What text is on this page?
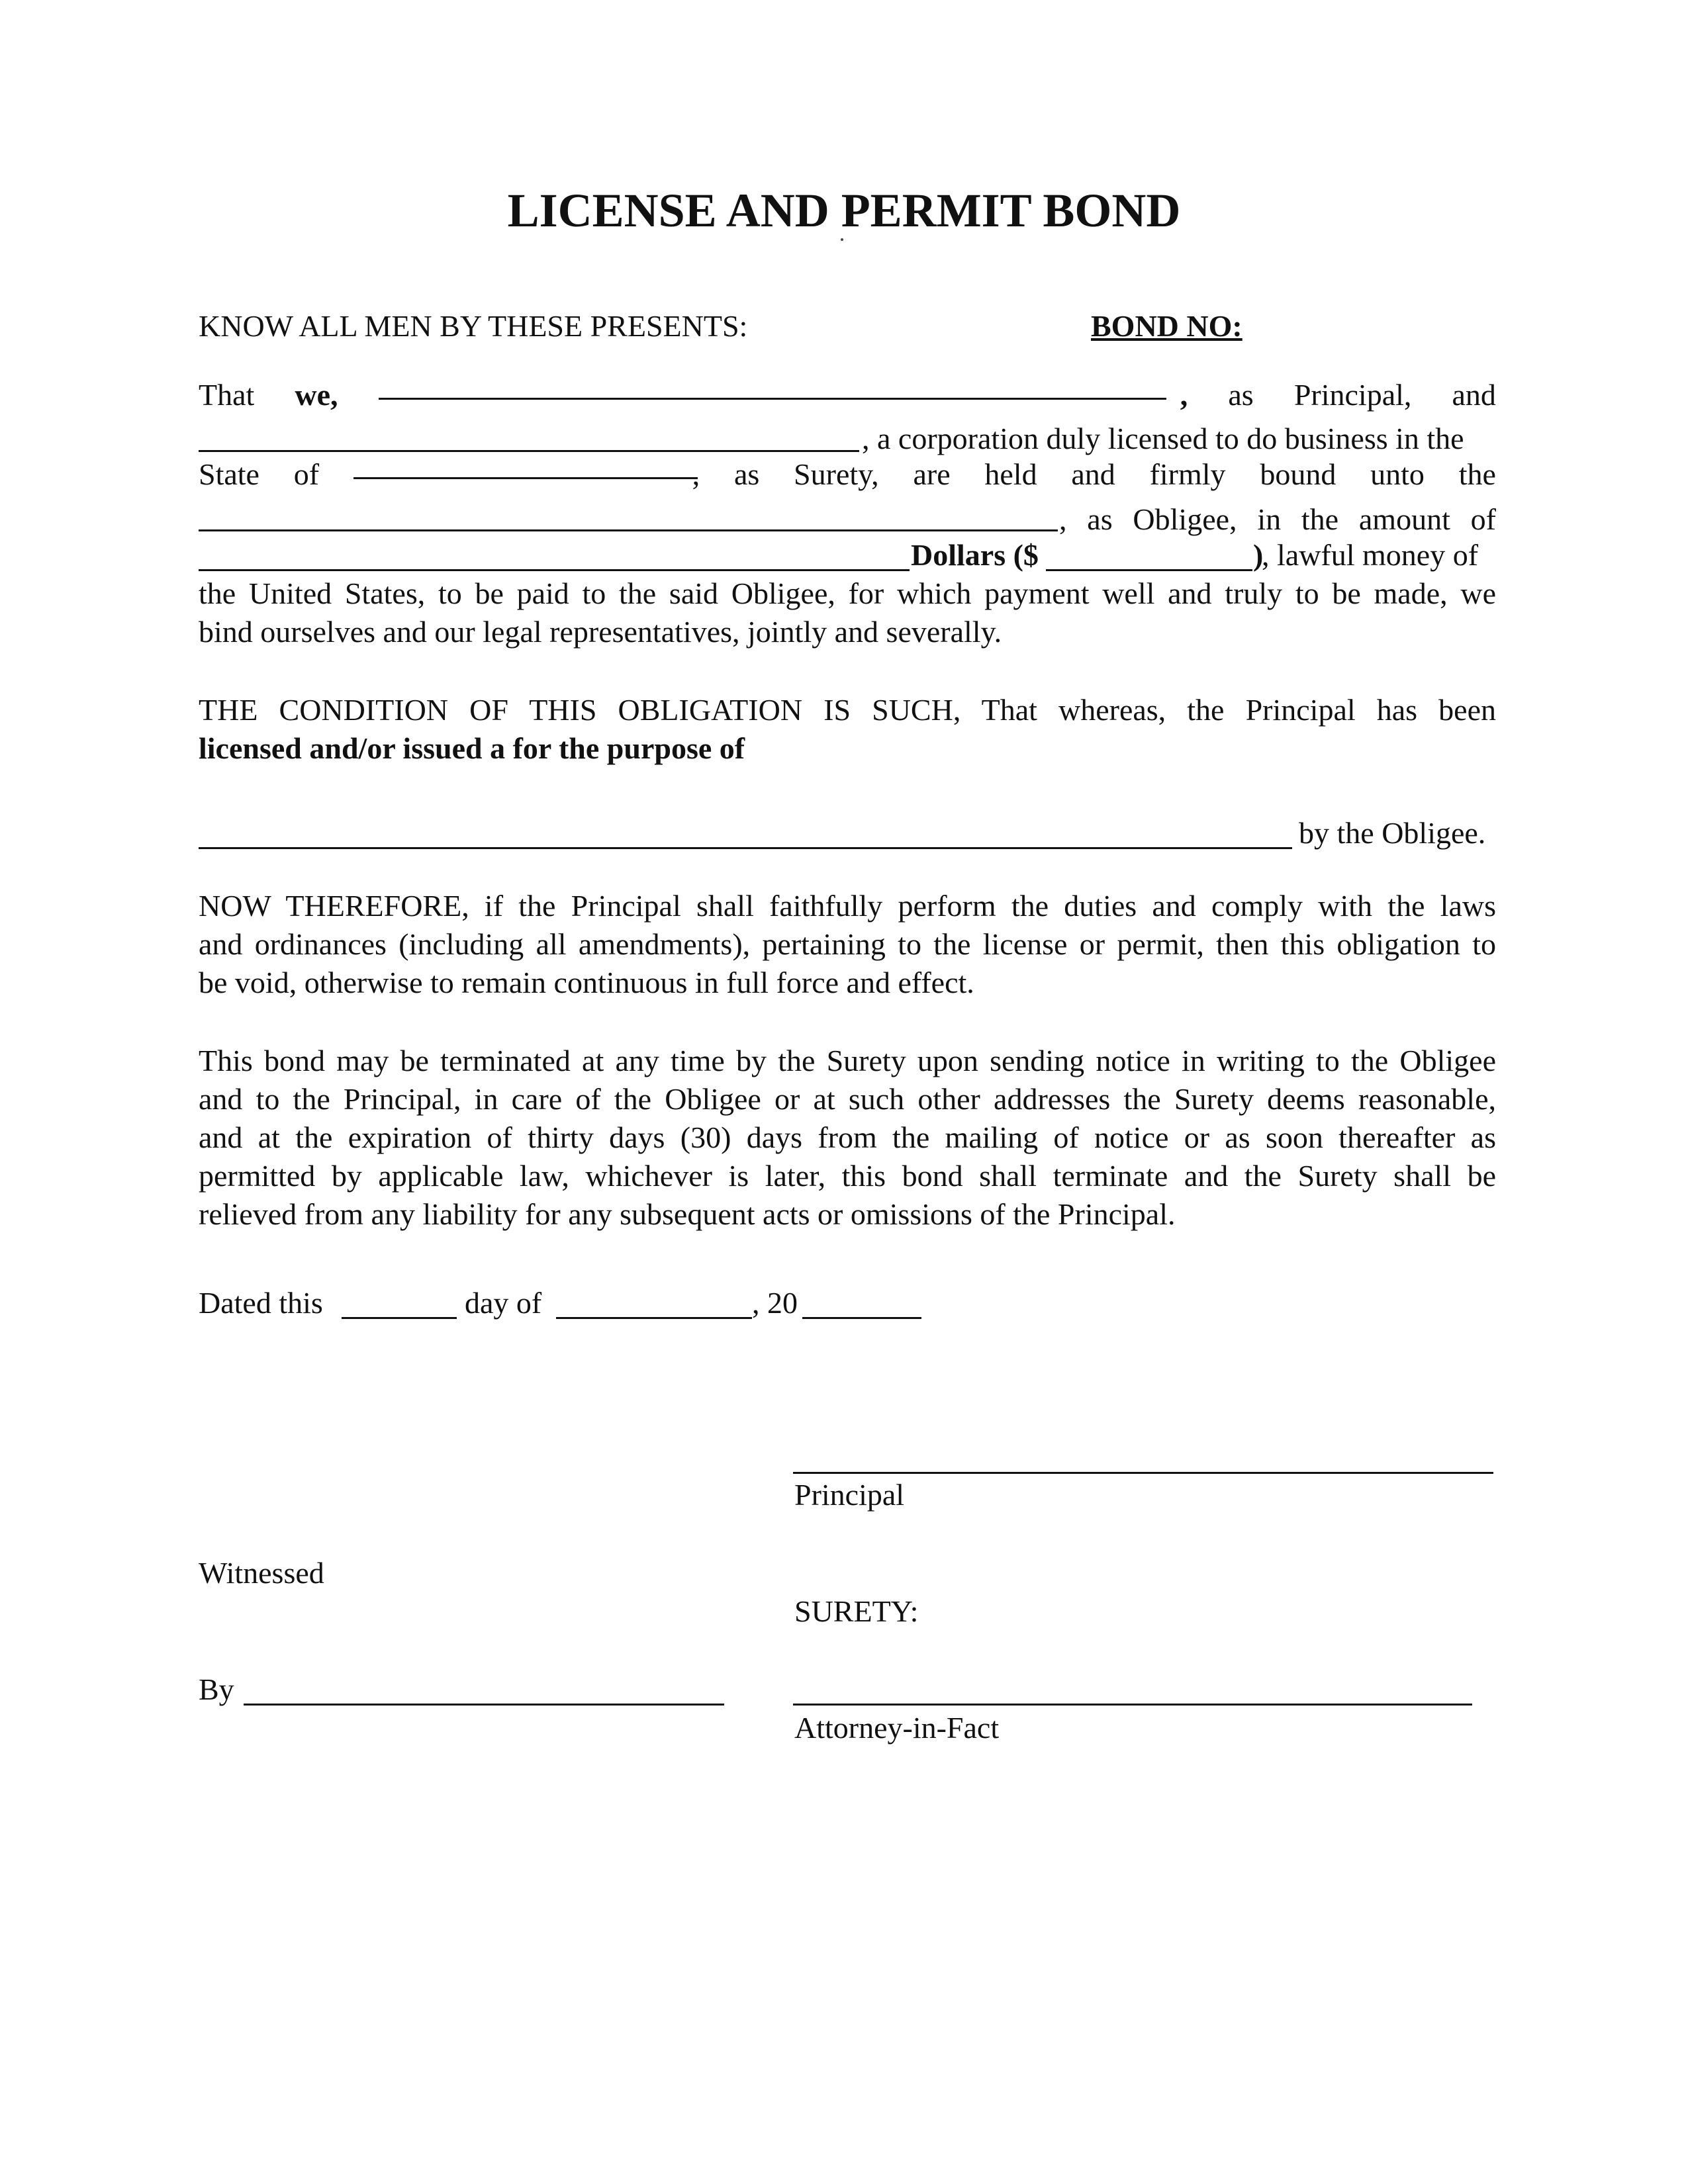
LICENSE AND PERMIT BOND
KNOW ALL MEN BY THESE PRESENTS:	BOND NO:
That we,	, as Principal, and
, a corporation duly licensed to do business in the
State of	, as Surety, are held and firmly bound unto the
, as Obligee, in the amount of
Dollars ($	)
, lawful money of
the United States, to be paid to the said Obligee, for which payment well and truly to be made, we
bind ourselves and our legal representatives, jointly and severally.
THE CONDITION OF THIS OBLIGATION IS SUCH, That whereas, the Principal has been
licensed and/or issued a for the purpose of
by the Obligee.
NOW THEREFORE, if the Principal shall faithfully perform the duties and comply with the laws
and ordinances (including all amendments), pertaining to the license or permit, then this obligation to
be void, otherwise to remain continuous in full force and effect.
This bond may be terminated at any time by the Surety upon sending notice in writing to the Obligee
and to the Principal, in care of the Obligee or at such other addresses the Surety deems reasonable,
and at the expiration of thirty days (30) days from the mailing of notice or as soon thereafter as
permitted by applicable law, whichever is later, this bond shall terminate and the Surety shall be
relieved from any liability for any subsequent acts or omissions of the Principal.
Dated this	day of	, 20
Principal
Witnessed
SURETY:
By
Attorney-in-Fact
